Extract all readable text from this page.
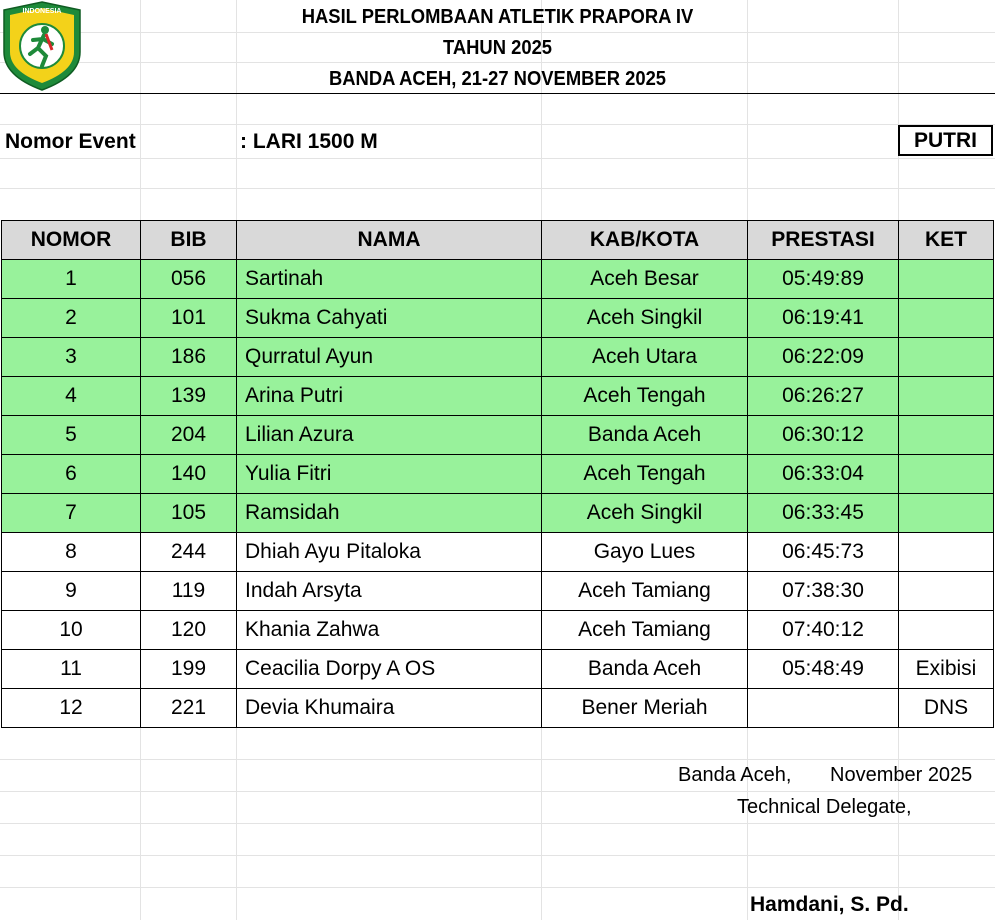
INDONESIA	HASIL PERLOMBAAN ATLETIK PRAPORA IV
TAHUN 2025
BANDA ACEH, 21-27 NOVEMBER 2025
Nomor Event	: LARI 1500 M	PUTRI
NOMOR	BIB	NAMA	KAB/KOTA	PRESTASI	KET
1	056	Sartinah	Aceh Besar	05:49:89	
2	101	Sukma Cahyati	Aceh Singkil	06:19:41	
3	186	Qurratul Ayun	Aceh Utara	06:22:09	
4	139	Arina Putri	Aceh Tengah	06:26:27	
5	204	Lilian Azura	Banda Aceh	06:30:12	
6	140	Yulia Fitri	Aceh Tengah	06:33:04	
7	105	Ramsidah	Aceh Singkil	06:33:45	
8	244	Dhiah Ayu Pitaloka	Gayo Lues	06:45:73	
9	119	Indah Arsyta	Aceh Tamiang	07:38:30	
10	120	Khania Zahwa	Aceh Tamiang	07:40:12	
11	199	Ceacilia Dorpy A OS	Banda Aceh	05:48:49	Exibisi
12	221	Devia Khumaira	Bener Meriah		DNS
Banda Aceh, November 2025
Technical Delegate,
Hamdani, S. Pd.
